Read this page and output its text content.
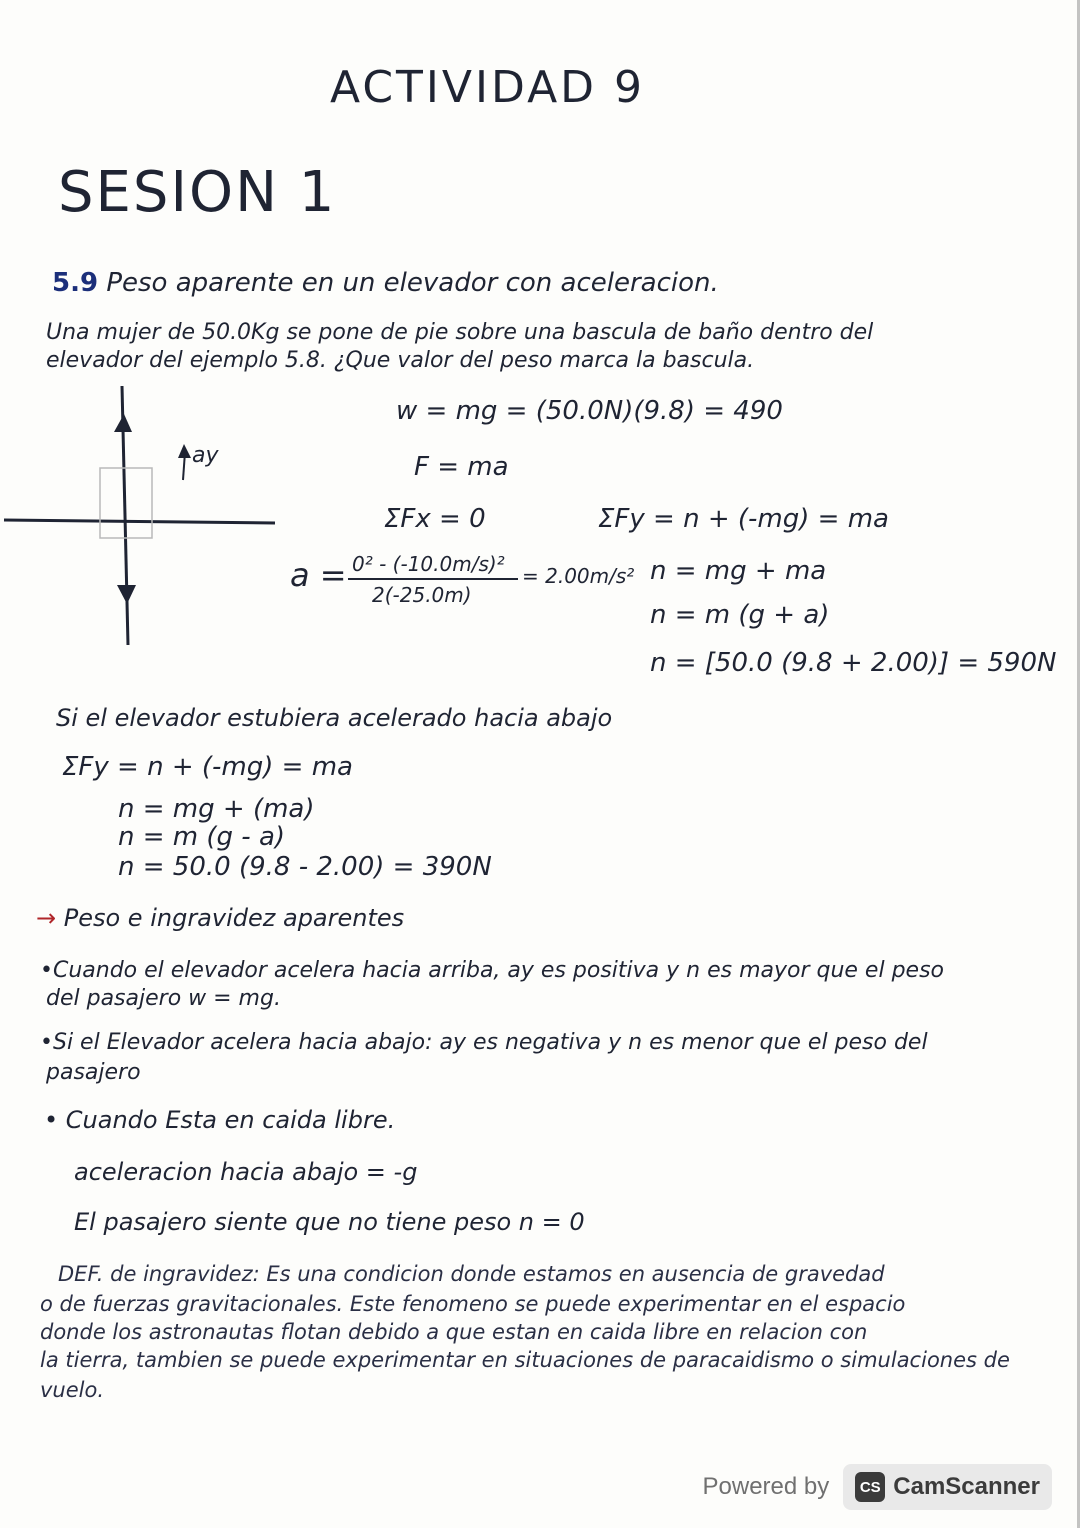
ACTIVIDAD 9
SESION 1
5.9 Peso aparente en un elevador con aceleracion.
Una mujer de 50.0Kg se pone de pie sobre una bascula de baño dentro del
elevador del ejemplo 5.8. ¿Que valor del peso marca la bascula.
ay
w = mg = (50.0N)(9.8) = 490
F = ma
ΣFx = 0	ΣFy = n + (-mg) = ma
a = 0² - (-10.0m/s)²
2(-25.0m)
= 2.00m/s² n = mg + ma
n = m (g + a)
n = [50.0 (9.8 + 2.00)] = 590N
Si el elevador estubiera acelerado hacia abajo
ΣFy = n + (-mg) = ma
n = mg + (ma)
n = m (g - a)
n = 50.0 (9.8 - 2.00) = 390N
→ Peso e ingravidez aparentes
•Cuando el elevador acelera hacia arriba, ay es positiva y n es mayor que el peso
del pasajero w = mg.
•Si el Elevador acelera hacia abajo: ay es negativa y n es menor que el peso del
pasajero
• Cuando Esta en caida libre.
aceleracion hacia abajo = -g
El pasajero siente que no tiene peso n = 0
DEF. de ingravidez: Es una condicion donde estamos en ausencia de gravedad
o de fuerzas gravitacionales. Este fenomeno se puede experimentar en el espacio
donde los astronautas flotan debido a que estan en caida libre en relacion con
la tierra, tambien se puede experimentar en situaciones de paracaidismo o simulaciones de
vuelo.
Powered by	CS CamScanner
